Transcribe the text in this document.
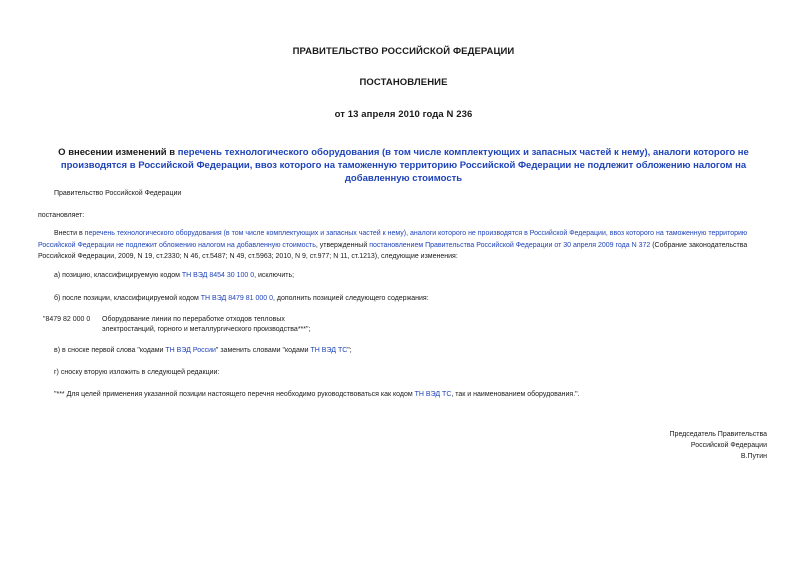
ПРАВИТЕЛЬСТВО РОССИЙСКОЙ ФЕДЕРАЦИИ
ПОСТАНОВЛЕНИЕ
от 13 апреля 2010 года N 236
О внесении изменений в перечень технологического оборудования (в том числе комплектующих и запасных частей к нему), аналоги которого не производятся в Российской Федерации, ввоз которого на таможенную территорию Российской Федерации не подлежит обложению налогом на добавленную стоимость
Правительство Российской Федерации
постановляет:
Внести в перечень технологического оборудования (в том числе комплектующих и запасных частей к нему), аналоги которого не производятся в Российской Федерации, ввоз которого на таможенную территорию Российской Федерации не подлежит обложению налогом на добавленную стоимость, утвержденный постановлением Правительства Российской Федерации от 30 апреля 2009 года N 372 (Собрание законодательства Российской Федерации, 2009, N 19, ст.2330; N 46, ст.5487; N 49, ст.5963; 2010, N 9, ст.977; N 11, ст.1213), следующие изменения:
а) позицию, классифицируемую кодом ТН ВЭД 8454 30 100 0, исключить;
б) после позиции, классифицируемой кодом ТН ВЭД 8479 81 000 0, дополнить позицией следующего содержания:
"8479 82 000 0 Оборудование линии по переработке отходов тепловых
электростанций, горного и металлургического производства***";
в) в сноске первой слова "кодами ТН ВЭД России" заменить словами "кодами ТН ВЭД ТС";
г) сноску вторую изложить в следующей редакции:
"*** Для целей применения указанной позиции настоящего перечня необходимо руководствоваться как кодом ТН ВЭД ТС, так и наименованием оборудования.".
Председатель Правительства
Российской Федерации
В.Путин
